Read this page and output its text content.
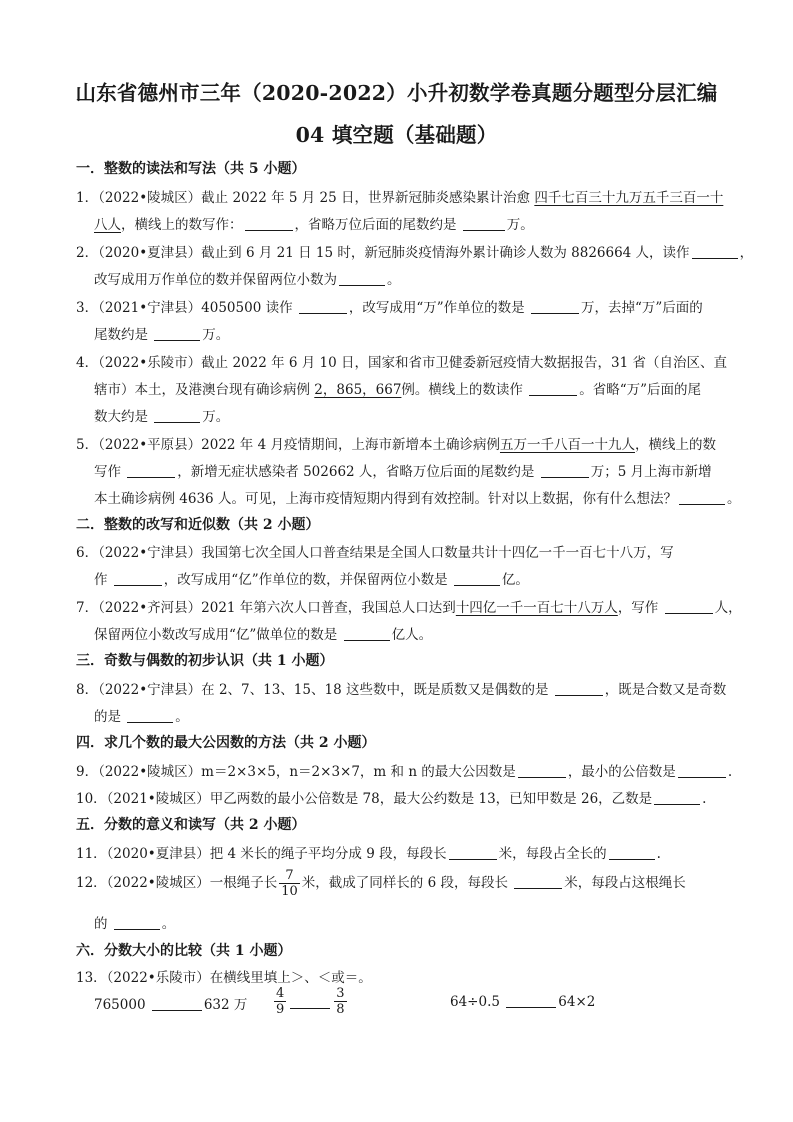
山东省德州市三年（2020-2022）小升初数学卷真题分题型分层汇编
04 填空题（基础题）
一．整数的读法和写法（共 5 小题）
1．（2022•陵城区）截止 2022 年 5 月 25 日，世界新冠肺炎感染累计治愈 四千七百三十九万五千三百一十
八人，横线上的数写作：	，省略万位后面的尾数约是	万。
2．（2020•夏津县）截止到 6 月 21 日 15 时，新冠肺炎疫情海外累计确诊人数为 8826664 人，读作	，
改写成用万作单位的数并保留两位小数为	。
3．（2021•宁津县）4050500 读作	，改写成用“万”作单位的数是	万，去掉“万”后面的
尾数约是	万。
4．（2022•乐陵市）截止 2022 年 6 月 10 日，国家和省市卫健委新冠疫情大数据报告，31 省（自治区、直
辖市）本土，及港澳台现有确诊病例 2，865，667例。横线上的数读作	。省略“万”后面的尾
数大约是	万。
5．（2022•平原县）2022 年 4 月疫情期间，上海市新增本土确诊病例五万一千八百一十九人，横线上的数
写作	，新增无症状感染者 502662 人，省略万位后面的尾数约是	万；5 月上海市新增
本土确诊病例 4636 人。可见，上海市疫情短期内得到有效控制。针对以上数据，你有什么想法？	。
二．整数的改写和近似数（共 2 小题）
6．（2022•宁津县）我国第七次全国人口普查结果是全国人口数量共计十四亿一千一百七十八万，写
作	，改写成用“亿”作单位的数，并保留两位小数是	亿。
7．（2022•齐河县）2021 年第六次人口普查，我国总人口达到十四亿一千一百七十八万人，写作	人，
保留两位小数改写成用“亿”做单位的数是	亿人。
三．奇数与偶数的初步认识（共 1 小题）
8．（2022•宁津县）在 2、7、13、15、18 这些数中，既是质数又是偶数的是	，既是合数又是奇数
的是	。
四．求几个数的最大公因数的方法（共 2 小题）
9．（2022•陵城区）m＝2×3×5，n＝2×3×7，m 和 n 的最大公因数是	，最小的公倍数是	.
10．（2021•陵城区）甲乙两数的最小公倍数是 78，最大公约数是 13，已知甲数是 26，乙数是	.
五．分数的意义和读写（共 2 小题）
11．（2020•夏津县）把 4 米长的绳子平均分成 9 段，每段长	米，每段占全长的	.
12．（2022•陵城区）一根绳子长 $\frac{7}{10}$ 米，截成了同样长的 6 段，每段长	米，每段占这根绳长
的	。
六．分数大小的比较（共 1 小题）
13．（2022•乐陵市）在横线里填上＞、＜或＝。
765000	632 万 $\frac{4}{9}$	$\frac{3}{8}$	64÷0.5	64×2
